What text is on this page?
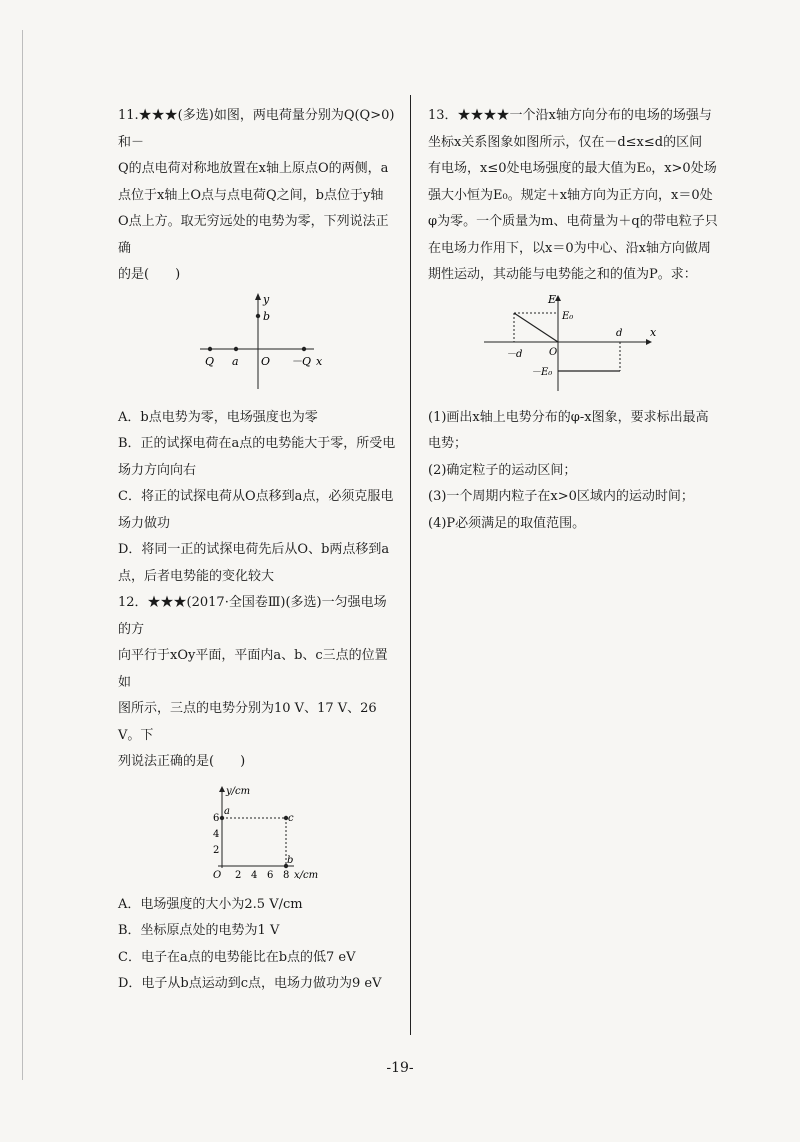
11.★★★(多选)如图，两电荷量分别为Q(Q>0)和－

Q的点电荷对称地放置在x轴上原点O的两侧，a

点位于x轴上O点与点电荷Q之间，b点位于y轴

O点上方。取无穷远处的电势为零，下列说法正确

的是(　　)

y
b
Q a O －Q x

A．b点电势为零，电场强度也为零

B．正的试探电荷在a点的电势能大于零，所受电

场力方向向右

C．将正的试探电荷从O点移到a点，必须克服电

场力做功

D．将同一正的试探电荷先后从O、b两点移到a

点，后者电势能的变化较大

12．★★★(2017·全国卷Ⅲ)(多选)一匀强电场的方

向平行于xOy平面，平面内a、b、c三点的位置如

图所示，三点的电势分别为10 V、17 V、26 V。下

列说法正确的是(　　)

y/cm
x/cm
a
c
b
O
2
4
6
2 4 6 8

A．电场强度的大小为2.5 V/cm

B．坐标原点处的电势为1 V

C．电子在a点的电势能比在b点的低7 eV

D．电子从b点运动到c点，电场力做功为9 eV

13．★★★★一个沿x轴方向分布的电场的场强与

坐标x关系图象如图所示，仅在－d≤x≤d的区间

有电场，x≤0处电场强度的最大值为E₀，x>0处场

强大小恒为E₀。规定＋x轴方向为正方向，x＝0处

φ为零。一个质量为m、电荷量为＋q的带电粒子只

在电场力作用下，以x＝0为中心、沿x轴方向做周

期性运动，其动能与电势能之和的值为P。求：

E
E₀
－d	O
d	x
－E₀

(1)画出x轴上电势分布的φ-x图象，要求标出最高

电势；

(2)确定粒子的运动区间；

(3)一个周期内粒子在x>0区域内的运动时间；

(4)P必须满足的取值范围。

-19-
